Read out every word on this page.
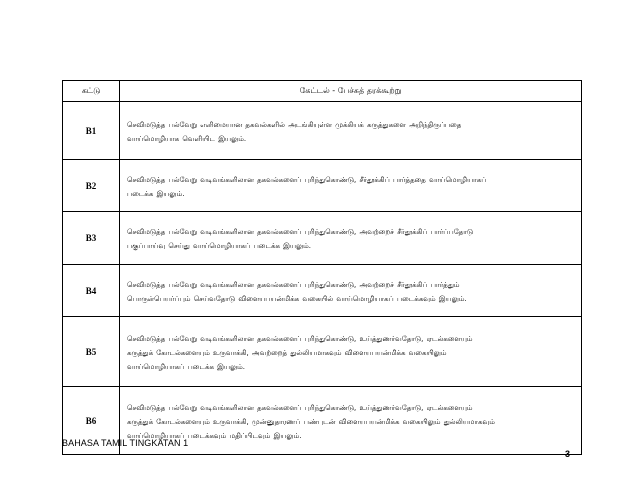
கட்டு	கேட்டல் - பேச்சுத் தரக்கூற்று
B1	செவிமடுத்த பல்வேறு எளிமையான தகவல்களில் அடங்கியுள்ள முக்கியக் கருத்துகளை அறிந்திருப்பதை
வாய்மொழியாக வெளியிட இயலும்.

B2	செவிமடுத்த பல்வேறு வடிவங்களிலான தகவல்களைப் புரிந்துகொண்டு, சீர்தூக்கிப் பார்த்ததை வாய்மொழியாகப்
படைக்க இயலும்.

B3	செவிமடுத்த பல்வேறு வடிவங்களிலான தகவல்களைப் புரிந்துகொண்டு, அவற்றைச் சீர்தூக்கிப் பார்ப்பதோடு
பகுப்பாய்வு செய்து வாய்மொழியாகப் படைக்க இயலும்.

B4	செவிமடுத்த பல்வேறு வடிவங்களிலான தகவல்களைப் புரிந்துகொண்டு, அவற்றைச் சீர்தூக்கிப் பார்த்தும்
பொருள்பெயர்ப்பும் செய்வதோடு விளையபயன்மிக்க வகையில் வாய்மொழியாகப் படைக்கவும் இயலும்.

B5	செவிமடுத்த பல்வேறு வடிவங்களிலான தகவல்களைப் புரிந்துகொண்டு, உய்த்துணர்வதோடு, ஏடல்களையும்
கருத்துக் கோடல்களையும் உருவாக்கி, அவற்றைத் துல்லியமாகவும் விளையபயன்மிக்க வகையிலும்
வாய்மொழியாகப் படைக்க இயலும்.

B6	செவிமடுத்த பல்வேறு வடிவங்களிலான தகவல்களைப் புரிந்துகொண்டு, உய்த்துணர்வதோடு, ஏடல்களையும்
கருத்துக் கோடல்களையும் உருவாக்கி, முன்னுதாரணப் பண்புடன் விளையபயன்மிக்க வகையிலும் துல்லியமாகவும்
வாய்மொழியாகப் படைக்கவும் மதிப்பிடவும் இயலும்.
BAHASA TAMIL TINGKATAN 1
3
